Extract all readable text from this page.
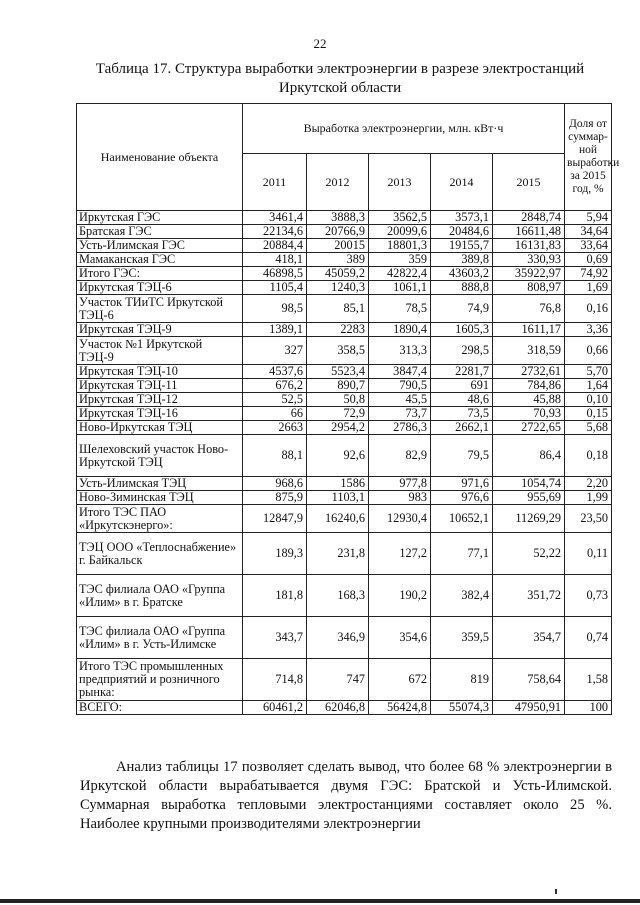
22
Таблица 17. Структура выработки электроэнергии в разрезе электростанций
Иркутской области
Наименование объекта	Выработка электроэнергии, млн. кВт·ч					Доля от суммар-ной выработки за 2015 год, %
	2011	2012	2013	2014	2015	
Иркутская ГЭС	3461,4	3888,3	3562,5	3573,1	2848,74	5,94
Братская ГЭС	22134,6	20766,9	20099,6	20484,6	16611,48	34,64
Усть-Илимская ГЭС	20884,4	20015	18801,3	19155,7	16131,83	33,64
Мамаканская ГЭС	418,1	389	359	389,8	330,93	0,69
Итого ГЭС:	46898,5	45059,2	42822,4	43603,2	35922,97	74,92
Иркутская ТЭЦ-6	1105,4	1240,3	1061,1	888,8	808,97	1,69
Участок ТИиТС Иркутской ТЭЦ-6	98,5	85,1	78,5	74,9	76,8	0,16
Иркутская ТЭЦ-9	1389,1	2283	1890,4	1605,3	1611,17	3,36
Участок №1 Иркутской ТЭЦ-9	327	358,5	313,3	298,5	318,59	0,66
Иркутская ТЭЦ-10	4537,6	5523,4	3847,4	2281,7	2732,61	5,70
Иркутская ТЭЦ-11	676,2	890,7	790,5	691	784,86	1,64
Иркутская ТЭЦ-12	52,5	50,8	45,5	48,6	45,88	0,10
Иркутская ТЭЦ-16	66	72,9	73,7	73,5	70,93	0,15
Ново-Иркутская ТЭЦ	2663	2954,2	2786,3	2662,1	2722,65	5,68
Шелеховский участок Ново-Иркутской ТЭЦ	88,1	92,6	82,9	79,5	86,4	0,18
Усть-Илимская ТЭЦ	968,6	1586	977,8	971,6	1054,74	2,20
Ново-Зиминская ТЭЦ	875,9	1103,1	983	976,6	955,69	1,99
Итого ТЭС ПАО «Иркутскэнерго»:	12847,9	16240,6	12930,4	10652,1	11269,29	23,50
ТЭЦ ООО «Теплоснабжение» г. Байкальск	189,3	231,8	127,2	77,1	52,22	0,11
ТЭС филиала ОАО «Группа «Илим» в г. Братске	181,8	168,3	190,2	382,4	351,72	0,73
ТЭС филиала ОАО «Группа «Илим» в г. Усть-Илимске	343,7	346,9	354,6	359,5	354,7	0,74
Итого ТЭС промышленных предприятий и розничного рынка:	714,8	747	672	819	758,64	1,58
ВСЕГО:	60461,2	62046,8	56424,8	55074,3	47950,91	100
Анализ таблицы 17 позволяет сделать вывод, что более 68 % электроэнергии в Иркутской области вырабатывается двумя ГЭС: Братской и Усть-Илимской. Суммарная выработка тепловыми электростанциями составляет около 25 %. Наиболее крупными производителями электроэнергии
